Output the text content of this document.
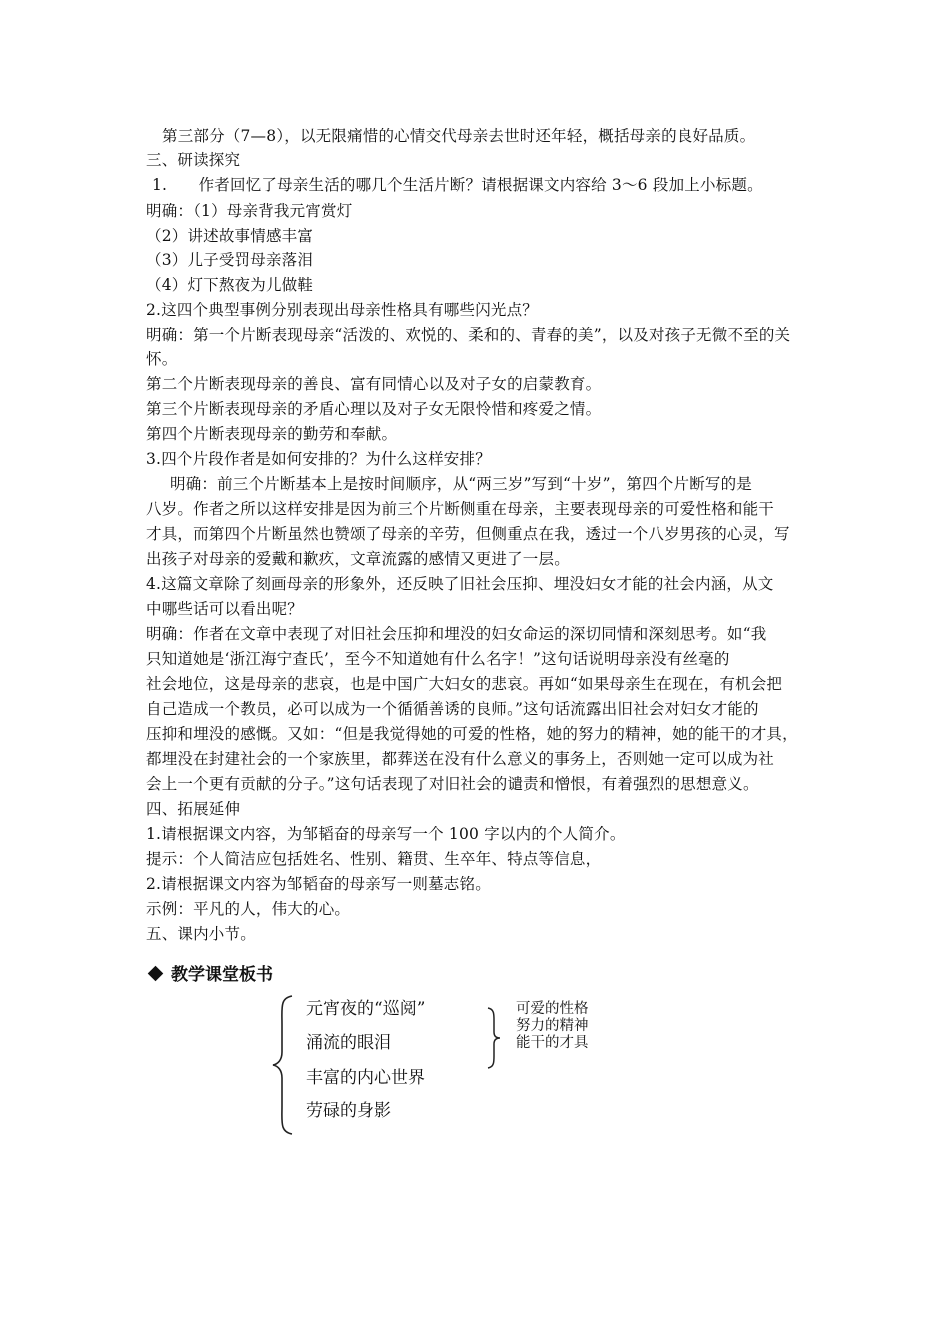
第三部分（7—8），以无限痛惜的心情交代母亲去世时还年轻，概括母亲的良好品质。
三、研读探究
1.　　作者回忆了母亲生活的哪几个生活片断？请根据课文内容给 3～6 段加上小标题。
明确：（1）母亲背我元宵赏灯
（2）讲述故事情感丰富
（3）儿子受罚母亲落泪
（4）灯下熬夜为儿做鞋
2.这四个典型事例分别表现出母亲性格具有哪些闪光点？
明确：第一个片断表现母亲“活泼的、欢悦的、柔和的、青春的美”，以及对孩子无微不至的关
怀。
第二个片断表现母亲的善良、富有同情心以及对子女的启蒙教育。
第三个片断表现母亲的矛盾心理以及对子女无限怜惜和疼爱之情。
第四个片断表现母亲的勤劳和奉献。
3.四个片段作者是如何安排的？为什么这样安排？
明确：前三个片断基本上是按时间顺序，从“两三岁”写到“十岁”，第四个片断写的是
八岁。作者之所以这样安排是因为前三个片断侧重在母亲，主要表现母亲的可爱性格和能干
才具，而第四个片断虽然也赞颂了母亲的辛劳，但侧重点在我，透过一个八岁男孩的心灵，写
出孩子对母亲的爱戴和歉疚，文章流露的感情又更进了一层。
4.这篇文章除了刻画母亲的形象外，还反映了旧社会压抑、埋没妇女才能的社会内涵，从文
中哪些话可以看出呢？
明确：作者在文章中表现了对旧社会压抑和埋没的妇女命运的深切同情和深刻思考。如“我
只知道她是‘浙江海宁查氏’，至今不知道她有什么名字！”这句话说明母亲没有丝毫的
社会地位，这是母亲的悲哀，也是中国广大妇女的悲哀。再如“如果母亲生在现在，有机会把
自己造成一个教员，必可以成为一个循循善诱的良师。”这句话流露出旧社会对妇女才能的
压抑和埋没的感慨。又如：“但是我觉得她的可爱的性格，她的努力的精神，她的能干的才具，
都埋没在封建社会的一个家族里，都葬送在没有什么意义的事务上，否则她一定可以成为社
会上一个更有贡献的分子。”这句话表现了对旧社会的谴责和憎恨，有着强烈的思想意义。
四、拓展延伸
1.请根据课文内容，为邹韬奋的母亲写一个 100 字以内的个人简介。
提示：个人简洁应包括姓名、性别、籍贯、生卒年、特点等信息，
2.请根据课文内容为邹韬奋的母亲写一则墓志铭。
示例：平凡的人，伟大的心。
五、课内小节。
教学课堂板书
元宵夜的“巡阅”
涌流的眼泪
丰富的内心世界
劳碌的身影
可爱的性格
努力的精神
能干的才具
